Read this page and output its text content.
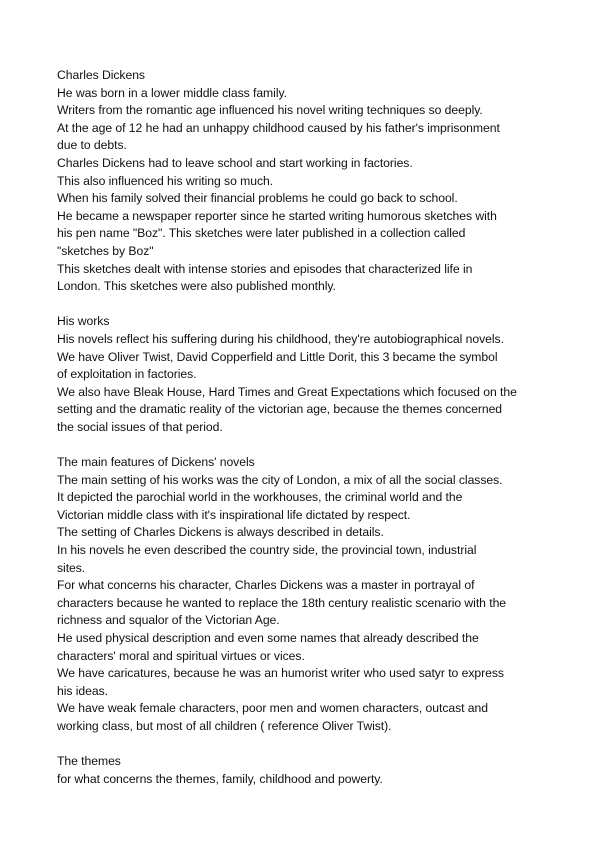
Charles Dickens
He was born in a lower middle class family.
Writers from the romantic age influenced his novel writing techniques so deeply.
At the age of 12 he had an unhappy childhood caused by his father's imprisonment
due to debts.
Charles Dickens had to leave school and start working in factories.
This also influenced his writing so much.
When his family solved their financial problems he could go back to school.
He became a newspaper reporter since he started writing humorous sketches with
his pen name "Boz". This sketches were later published in a collection called
"sketches by Boz"
This sketches dealt with intense stories and episodes that characterized life in
London. This sketches were also published monthly.
His works
His novels reflect his suffering during his childhood, they're autobiographical novels.
We have Oliver Twist, David Copperfield and Little Dorit, this 3 became the symbol
of exploitation in factories.
We also have Bleak House, Hard Times and Great Expectations which focused on the
setting and the dramatic reality of the victorian age, because the themes concerned
the social issues of that period.
The main features of Dickens' novels
The main setting of his works was the city of London, a mix of all the social classes.
It depicted the parochial world in the workhouses, the criminal world and the
Victorian middle class with it's inspirational life dictated by respect.
The setting of Charles Dickens is always described in details.
In his novels he even described the country side, the provincial town, industrial
sites.
For what concerns his character, Charles Dickens was a master in portrayal of
characters because he wanted to replace the 18th century realistic scenario with the
richness and squalor of the Victorian Age.
He used physical description and even some names that already described the
characters' moral and spiritual virtues or vices.
We have caricatures, because he was an humorist writer who used satyr to express
his ideas.
We have weak female characters, poor men and women characters, outcast and
working class, but most of all children ( reference Oliver Twist).
The themes
for what concerns the themes, family, childhood and powerty.
